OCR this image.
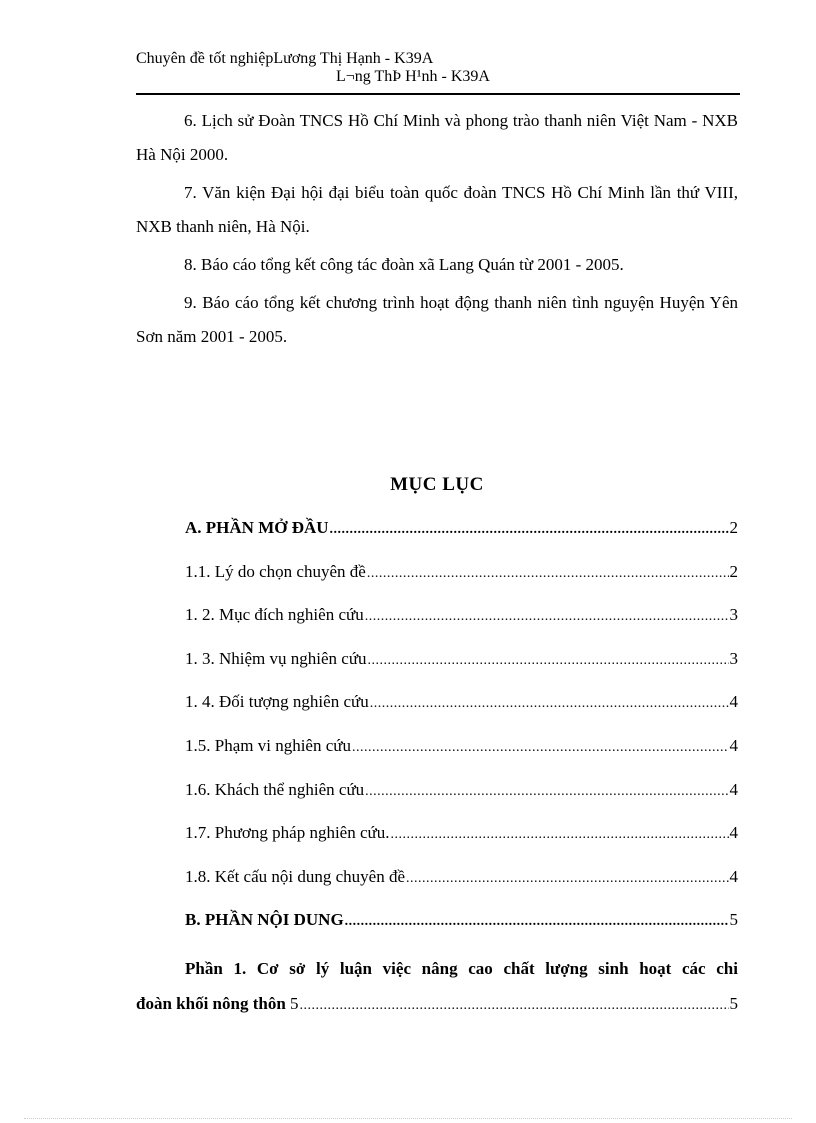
Chuyên đề tốt nghiệpLương Thị Hạnh - K39A
L¬ng ThÞ H¹nh - K39A

6. Lịch sử Đoàn TNCS Hồ Chí Minh và phong trào thanh niên Việt Nam - NXB Hà Nội 2000.

7. Văn kiện Đại hội đại biểu toàn quốc đoàn TNCS Hồ Chí Minh lần thứ VIII, NXB thanh niên, Hà Nội.

8. Báo cáo tổng kết công tác đoàn xã Lang Quán từ 2001 - 2005.

9. Báo cáo tổng kết chương trình hoạt động thanh niên tình nguyện Huyện Yên Sơn năm 2001 - 2005.

MỤC LỤC
A. PHẦN MỞ ĐẦU .....	2
1.1. Lý do chọn chuyên đề .....	2
1. 2. Mục đích nghiên cứu .....	3
1. 3. Nhiệm vụ nghiên cứu .....	3
1. 4. Đối tượng nghiên cứu .....	4
1.5. Phạm vi nghiên cứu .....	4
1.6. Khách thể nghiên cứu .....	4
1.7. Phương pháp nghiên cứu. .....	4
1.8. Kết cấu nội dung chuyên đề .....	4
B. PHẦN NỘI DUNG .....	5
Phần 1. Cơ sở lý luận việc nâng cao chất lượng sinh hoạt các chi
đoàn khối nông thôn 5 .....	5
